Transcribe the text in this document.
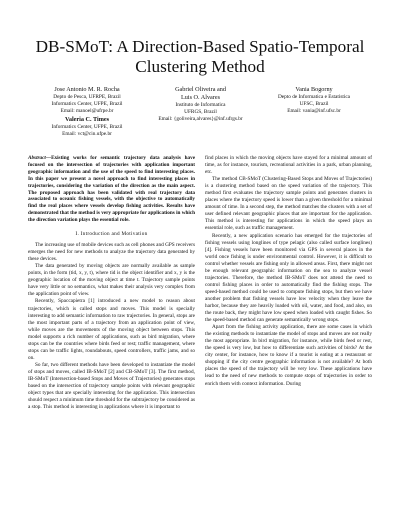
DB-SMoT: A Direction-Based Spatio-Temporal Clustering Method
Jose Antonio M. R. Rocha
Depto de Pesca, UFRPE, Brazil
Informatics Center, UFPE, Brazil
Email: manoel@ufrpe.br
Valeria C. Times
Informatics Center, UFPE, Brazil
Email: vct@cin.ufpe.br
Gabriel Oliveira and
Luis O. Alvares
Instituto de Informatica
UFRGS, Brazil
Email: {goliveira,alvares}@inf.ufrgs.br
Vania Bogorny
Depto de Informatica e Estatistica
UFSC, Brazil
Email: vania@inf.ufsc.br

Abstract—Existing works for semantic trajectory data analysis have focused on the intersection of trajectories with application important geographic information and the use of the speed to find interesting places. In this paper we present a novel approach to find interesting places in trajectories, considering the variation of the direction as the main aspect. The proposed approach has been validated with real trajectory data associated to oceanic fishing vessels, with the objective to automatically find the real places where vessels develop fishing activities. Results have demonstrated that the method is very appropriate for applications in which the direction variation plays the essential role.

I. Introduction and Motivation

The increasing use of mobile devices such as cell phones and GPS receivers emerges the need for new methods to analyze the trajectory data generated by these devices.

The data generated by moving objects are normally available as sample points, in the form (tid, x, y, t), where tid is the object identifier and x, y is the geographic location of the moving object at time t. Trajectory sample points have very little or no semantics, what makes their analysis very complex from the application point of view.

Recently, Spaccapietra [1] introduced a new model to reason about trajectories, which is called stops and moves. This model is specially interesting to add semantic information to raw trajectories. In general, stops are the most important parts of a trajectory from an application point of view, while moves are the movements of the moving object between stops. This model supports a rich number of applications, such as bird migration, where stops can be the countries where birds feed or rest; traffic management, where stops can be traffic lights, roundabouts, speed controllers, traffic jams, and so on.

So far, two different methods have been developed to instantiate the model of stops and moves, called IB-SMoT [2] and CB-SMoT [3]. The first method, IB-SMoT (Intersection-based Stops and Moves of Trajectories) generates stops based on the intersection of trajectory sample points with relevant geographic object types that are specially interesting for the application. This intersection should respect a minimum time threshold for the subtrajectory be considered as a stop. This method is interesting in applications where it is important to

find places in which the moving objects have stayed for a minimal amount of time, as for instance, tourism, recreational activities in a park, urban planning, etc.

The method CB-SMoT (Clustering-Based Stops and Moves of Trajectories) is a clustering method based on the speed variation of the trajectory. This method first evaluates the trajectory sample points and generates clusters in places where the trajectory speed is lower than a given threshold for a minimal amount of time. In a second step, the method matches the clusters with a set of user defined relevant geographic places that are important for the application. This method is interesting for applications in which the speed plays an essential role, such as traffic management.

Recently, a new application scenario has emerged for the trajectories of fishing vessels using longlines of type pelagic (also called surface longlines) [4]. Fishing vessels have been monitored via GPS in several places in the world once fishing is under environmental control. However, it is difficult to control whether vessels are fishing only in allowed areas. First, there might not be enough relevant geographic information on the sea to analyze vessel trajectories. Therefore, the method IB-SMoT does not attend the need to control fishing places in order to automatically find the fishing stops. The speed-based method could be used to compute fishing stops, but then we have another problem that fishing vessels have low velocity when they leave the harbor, because they are heavily loaded with oil, water, and food, and also, on the route back, they might have low speed when loaded with caught fishes. So the speed-based method can generate semantically wrong stops.

Apart from the fishing activity application, there are some cases in which the existing methods to instantiate the model of stops and moves are not really the most appropriate. In bird migration, for instance, while birds feed or rest, the speed is very low, but how to differentiate such activities of birds? At the city center, for instance, how to know if a tourist is eating at a restaurant or shopping if the city centre geographic information is not available? At both places the speed of the trajectory will be very low. These applications have lead to the need of new methods to compute stops of trajectories in order to enrich them with context information. During
